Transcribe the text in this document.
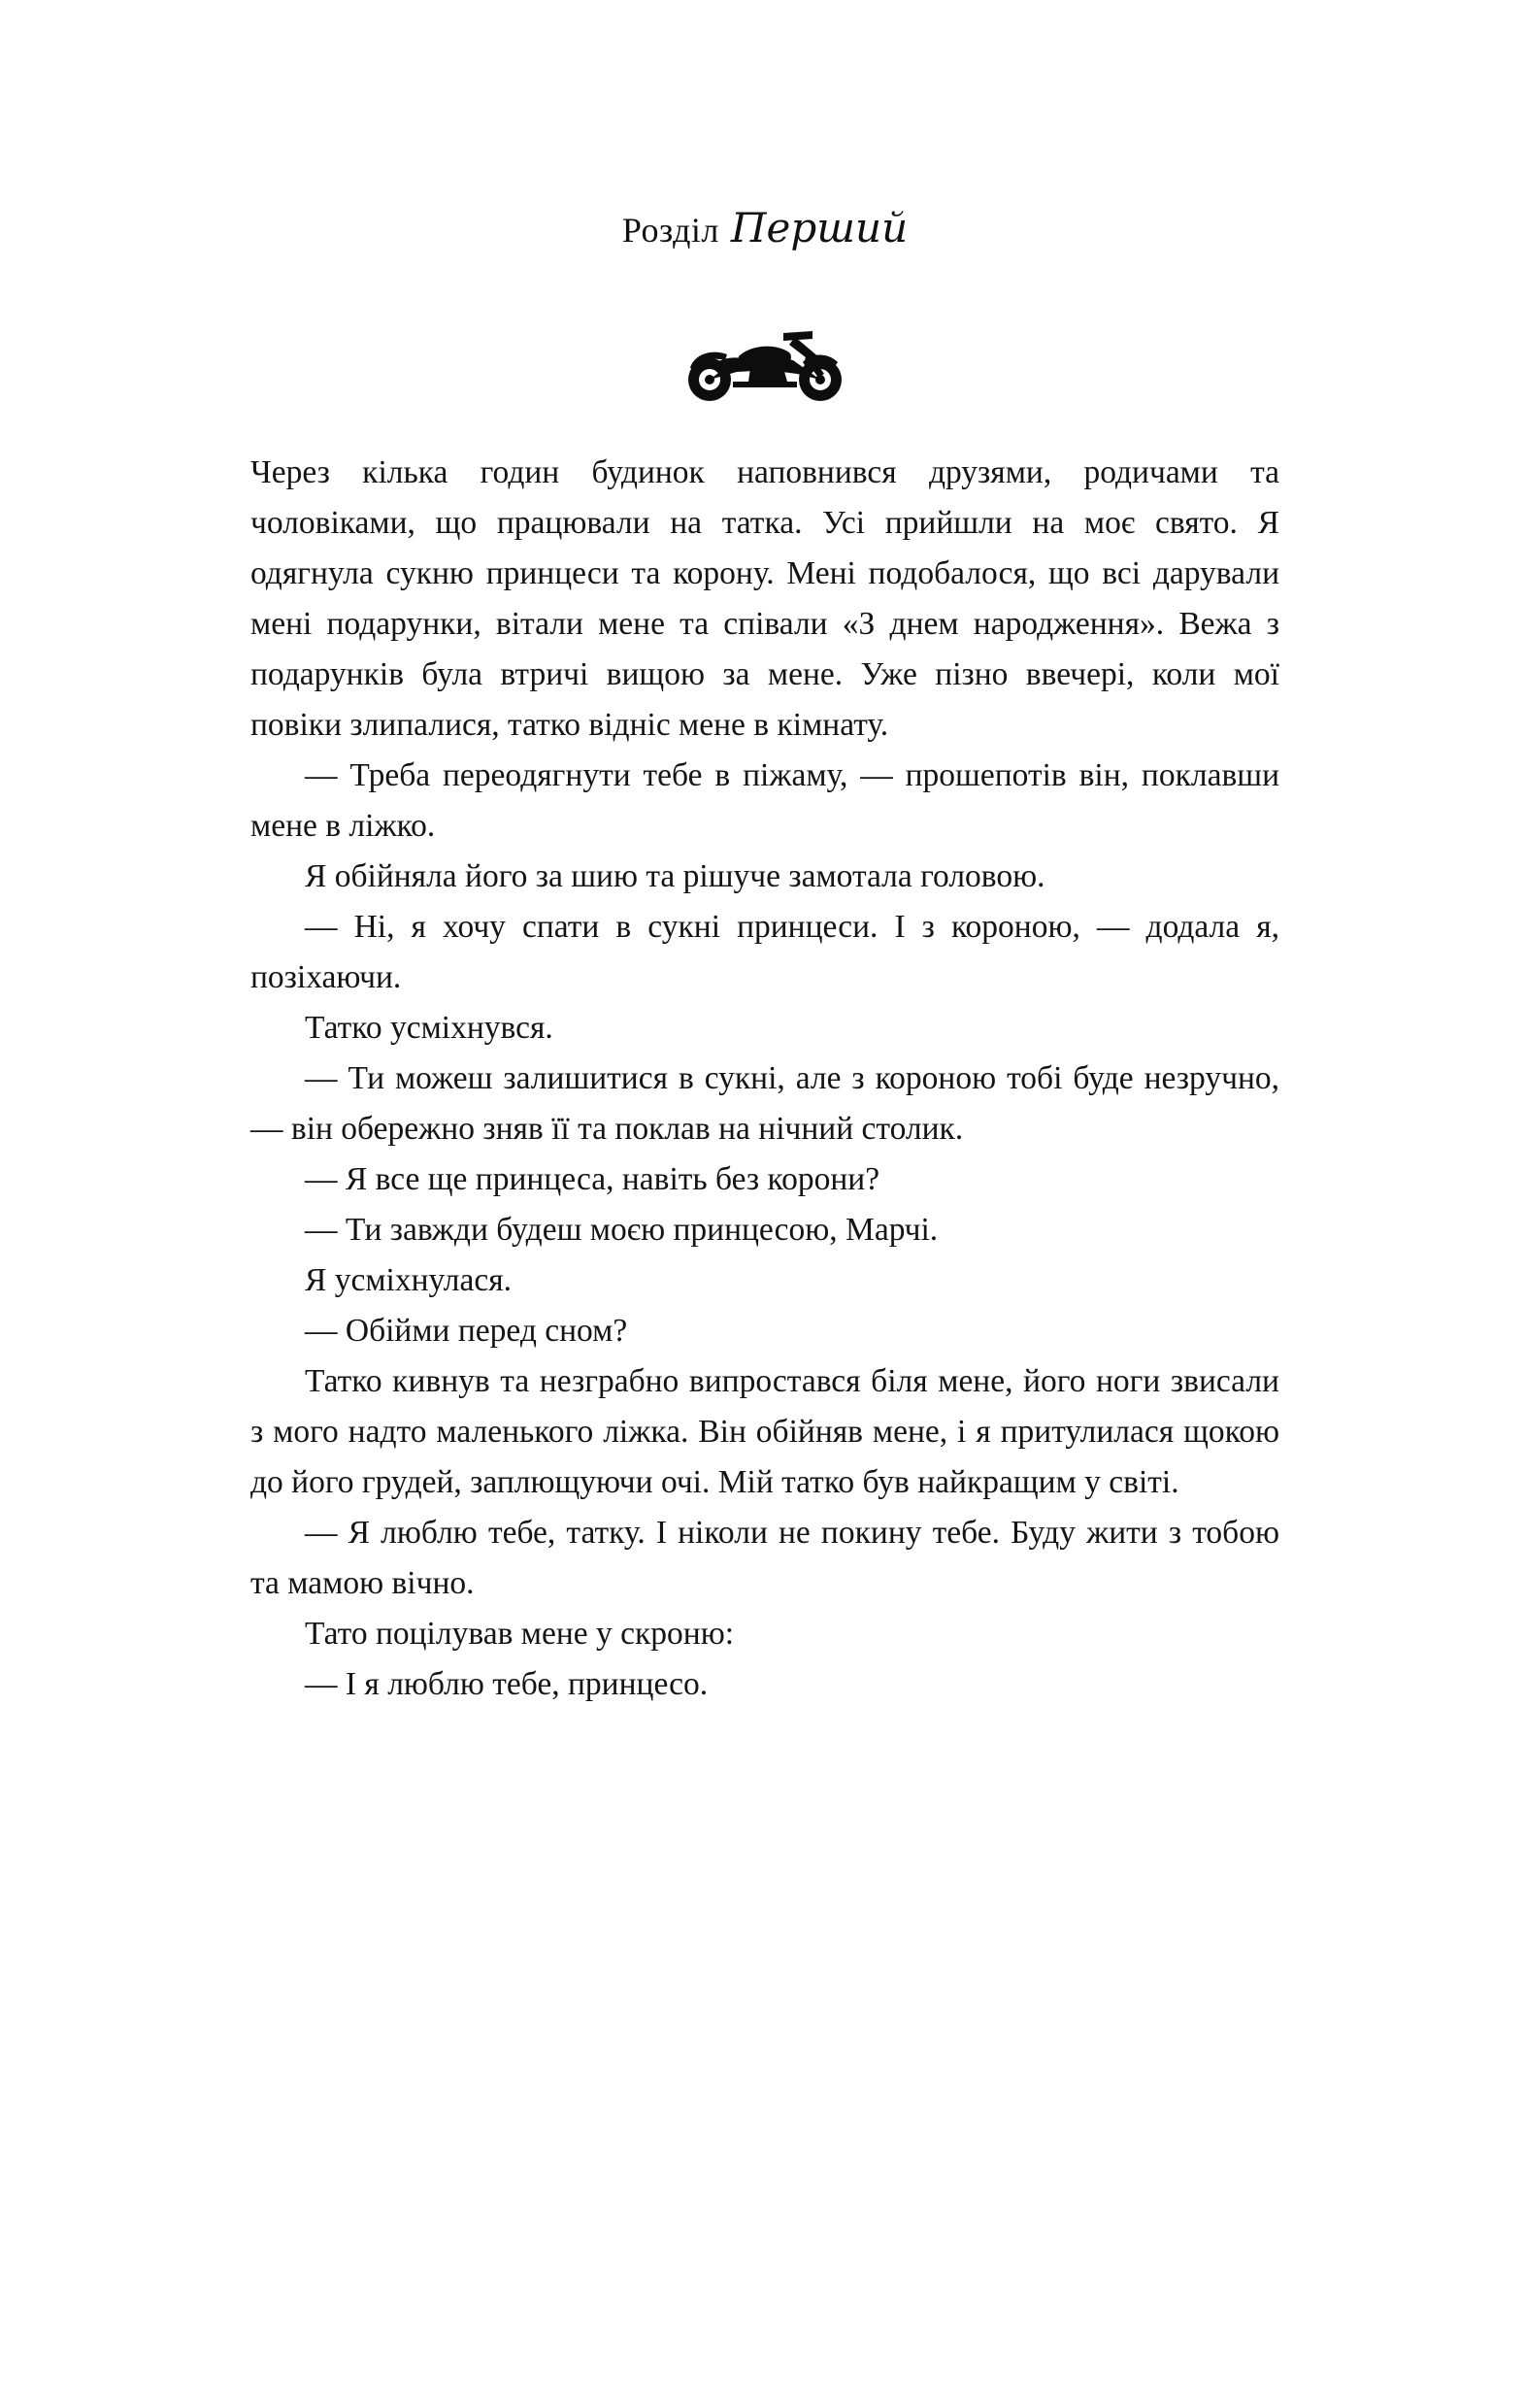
Розділ Перший

Через кілька годин будинок наповнився друзями, родичами та чоловіками, що працювали на татка. Усі прийшли на моє свято. Я одягнула сукню принцеси та корону. Мені подобалося, що всі дарували мені подарунки, вітали мене та співали «З днем народження». Вежа з подарунків була втричі вищою за мене. Уже пізно ввечері, коли мої повіки злипалися, татко відніс мене в кімнату.

— Треба переодягнути тебе в піжаму, — прошепотів він, поклавши мене в ліжко.

Я обійняла його за шию та рішуче замотала головою.

— Ні, я хочу спати в сукні принцеси. І з короною, — додала я, позіхаючи.

Татко усміхнувся.

— Ти можеш залишитися в сукні, але з короною тобі буде незручно, — він обережно зняв її та поклав на нічний столик.

— Я все ще принцеса, навіть без корони?

— Ти завжди будеш моєю принцесою, Марчі.

Я усміхнулася.

— Обійми перед сном?

Татко кивнув та незграбно випростався біля мене, його ноги звисали з мого надто маленького ліжка. Він обійняв мене, і я притулилася щокою до його грудей, заплющуючи очі. Мій татко був найкращим у світі.

— Я люблю тебе, татку. І ніколи не покину тебе. Буду жити з тобою та мамою вічно.

Тато поцілував мене у скроню:

— І я люблю тебе, принцесо.
